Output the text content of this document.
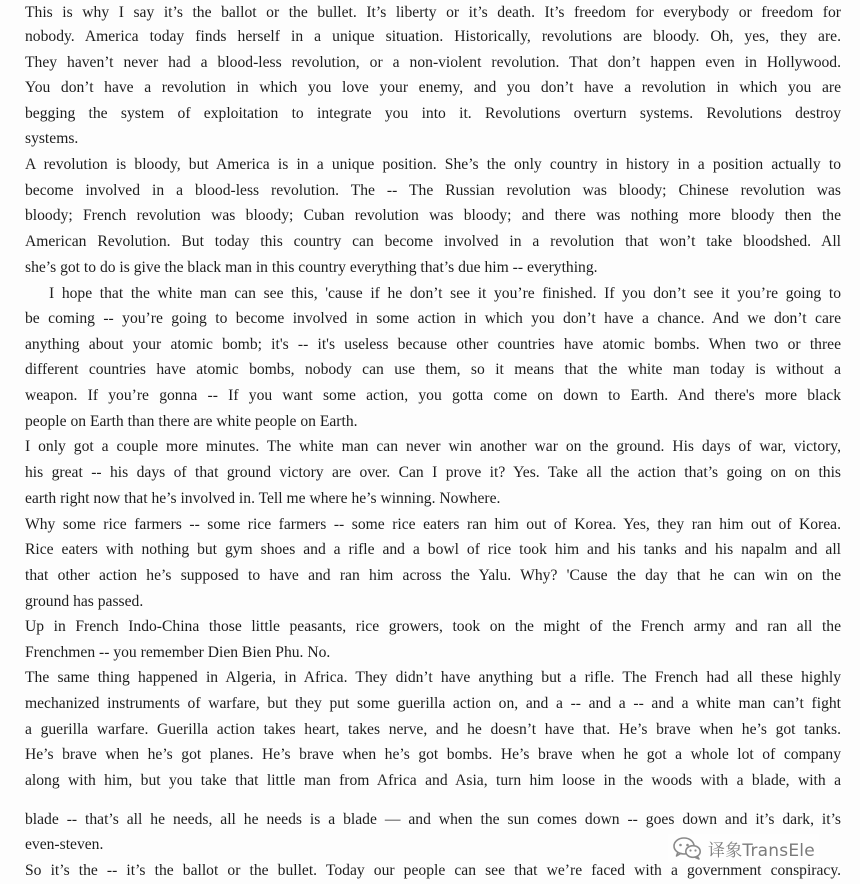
This is why I say it’s the ballot or the bullet. It’s liberty or it’s death. It’s freedom for everybody or freedom for
nobody. America today finds herself in a unique situation. Historically, revolutions are bloody. Oh, yes, they are.
They haven’t never had a blood-less revolution, or a non-violent revolution. That don’t happen even in Hollywood.
You don’t have a revolution in which you love your enemy, and you don’t have a revolution in which you are
begging the system of exploitation to integrate you into it. Revolutions overturn systems. Revolutions destroy
systems.
A revolution is bloody, but America is in a unique position. She’s the only country in history in a position actually to
become involved in a blood-less revolution. The -- The Russian revolution was bloody; Chinese revolution was
bloody; French revolution was bloody; Cuban revolution was bloody; and there was nothing more bloody then the
American Revolution. But today this country can become involved in a revolution that won’t take bloodshed. All
she’s got to do is give the black man in this country everything that’s due him -- everything.
I hope that the white man can see this, 'cause if he don’t see it you’re finished. If you don’t see it you’re going to
be coming -- you’re going to become involved in some action in which you don’t have a chance. And we don’t care
anything about your atomic bomb; it's -- it's useless because other countries have atomic bombs. When two or three
different countries have atomic bombs, nobody can use them, so it means that the white man today is without a
weapon. If you’re gonna -- If you want some action, you gotta come on down to Earth. And there's more black
people on Earth than there are white people on Earth.
I only got a couple more minutes. The white man can never win another war on the ground. His days of war, victory,
his great -- his days of that ground victory are over. Can I prove it? Yes. Take all the action that’s going on on this
earth right now that he’s involved in. Tell me where he’s winning. Nowhere.
Why some rice farmers -- some rice farmers -- some rice eaters ran him out of Korea. Yes, they ran him out of Korea.
Rice eaters with nothing but gym shoes and a rifle and a bowl of rice took him and his tanks and his napalm and all
that other action he’s supposed to have and ran him across the Yalu. Why? 'Cause the day that he can win on the
ground has passed.
Up in French Indo-China those little peasants, rice growers, took on the might of the French army and ran all the
Frenchmen -- you remember Dien Bien Phu. No.
The same thing happened in Algeria, in Africa. They didn’t have anything but a rifle. The French had all these highly
mechanized instruments of warfare, but they put some guerilla action on, and a -- and a -- and a white man can’t fight
a guerilla warfare. Guerilla action takes heart, takes nerve, and he doesn’t have that. He’s brave when he’s got tanks.
He’s brave when he’s got planes. He’s brave when he’s got bombs. He’s brave when he got a whole lot of company
along with him, but you take that little man from Africa and Asia, turn him loose in the woods with a blade, with a
blade -- that’s all he needs, all he needs is a blade — and when the sun comes down -- goes down and it’s dark, it’s
even-steven.
So it’s the -- it’s the ballot or the bullet. Today our people can see that we’re faced with a government conspiracy.
译象TransEle
